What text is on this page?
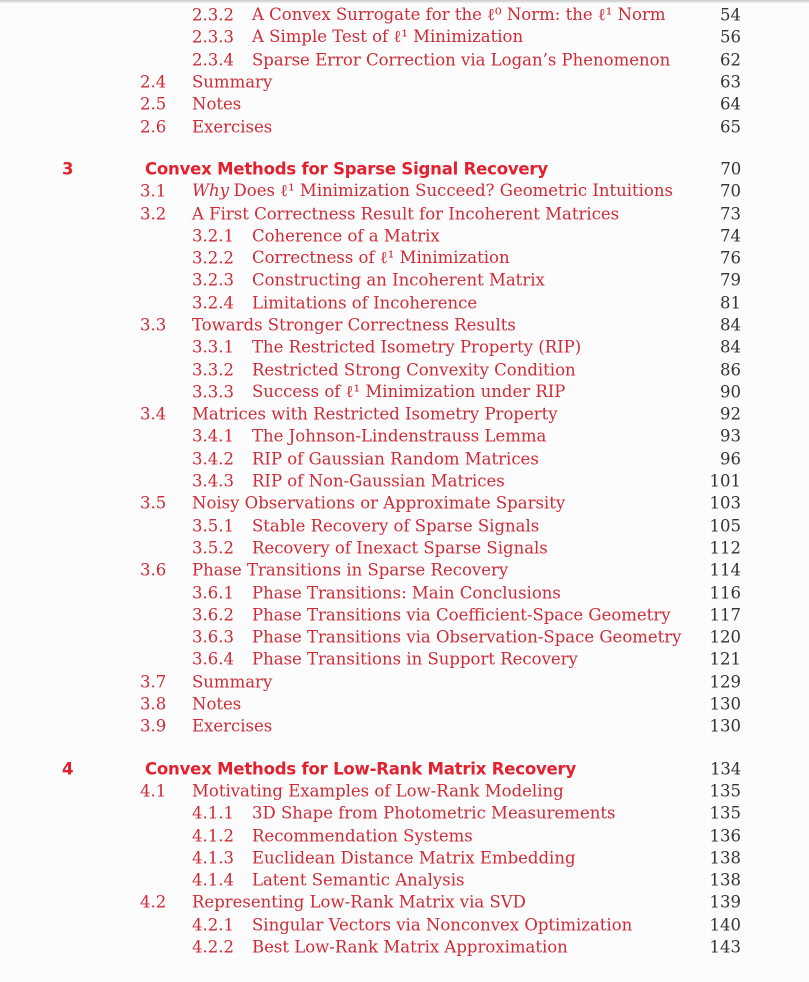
2.3.2 A Convex Surrogate for the ℓ⁰ Norm: the ℓ¹ Norm	54
2.3.3 A Simple Test of ℓ¹ Minimization	56
2.3.4 Sparse Error Correction via Logan’s Phenomenon	62
2.4 Summary	63
2.5 Notes	64
2.6 Exercises	65
3	Convex Methods for Sparse Signal Recovery	70
3.1 Why Does ℓ¹ Minimization Succeed? Geometric Intuitions	70
3.2 A First Correctness Result for Incoherent Matrices	73
3.2.1 Coherence of a Matrix	74
3.2.2 Correctness of ℓ¹ Minimization	76
3.2.3 Constructing an Incoherent Matrix	79
3.2.4 Limitations of Incoherence	81
3.3 Towards Stronger Correctness Results	84
3.3.1 The Restricted Isometry Property (RIP)	84
3.3.2 Restricted Strong Convexity Condition	86
3.3.3 Success of ℓ¹ Minimization under RIP	90
3.4 Matrices with Restricted Isometry Property	92
3.4.1 The Johnson-Lindenstrauss Lemma	93
3.4.2 RIP of Gaussian Random Matrices	96
3.4.3 RIP of Non-Gaussian Matrices	101
3.5 Noisy Observations or Approximate Sparsity	103
3.5.1 Stable Recovery of Sparse Signals	105
3.5.2 Recovery of Inexact Sparse Signals	112
3.6 Phase Transitions in Sparse Recovery	114
3.6.1 Phase Transitions: Main Conclusions	116
3.6.2 Phase Transitions via Coefficient-Space Geometry 117
3.6.3 Phase Transitions via Observation-Space Geometry 120
3.6.4 Phase Transitions in Support Recovery	121
3.7 Summary	129
3.8 Notes	130
3.9 Exercises	130
4	Convex Methods for Low-Rank Matrix Recovery	134
4.1 Motivating Examples of Low-Rank Modeling	135
4.1.1 3D Shape from Photometric Measurements	135
4.1.2 Recommendation Systems	136
4.1.3 Euclidean Distance Matrix Embedding	138
4.1.4 Latent Semantic Analysis	138
4.2 Representing Low-Rank Matrix via SVD	139
4.2.1 Singular Vectors via Nonconvex Optimization	140
4.2.2 Best Low-Rank Matrix Approximation	143
